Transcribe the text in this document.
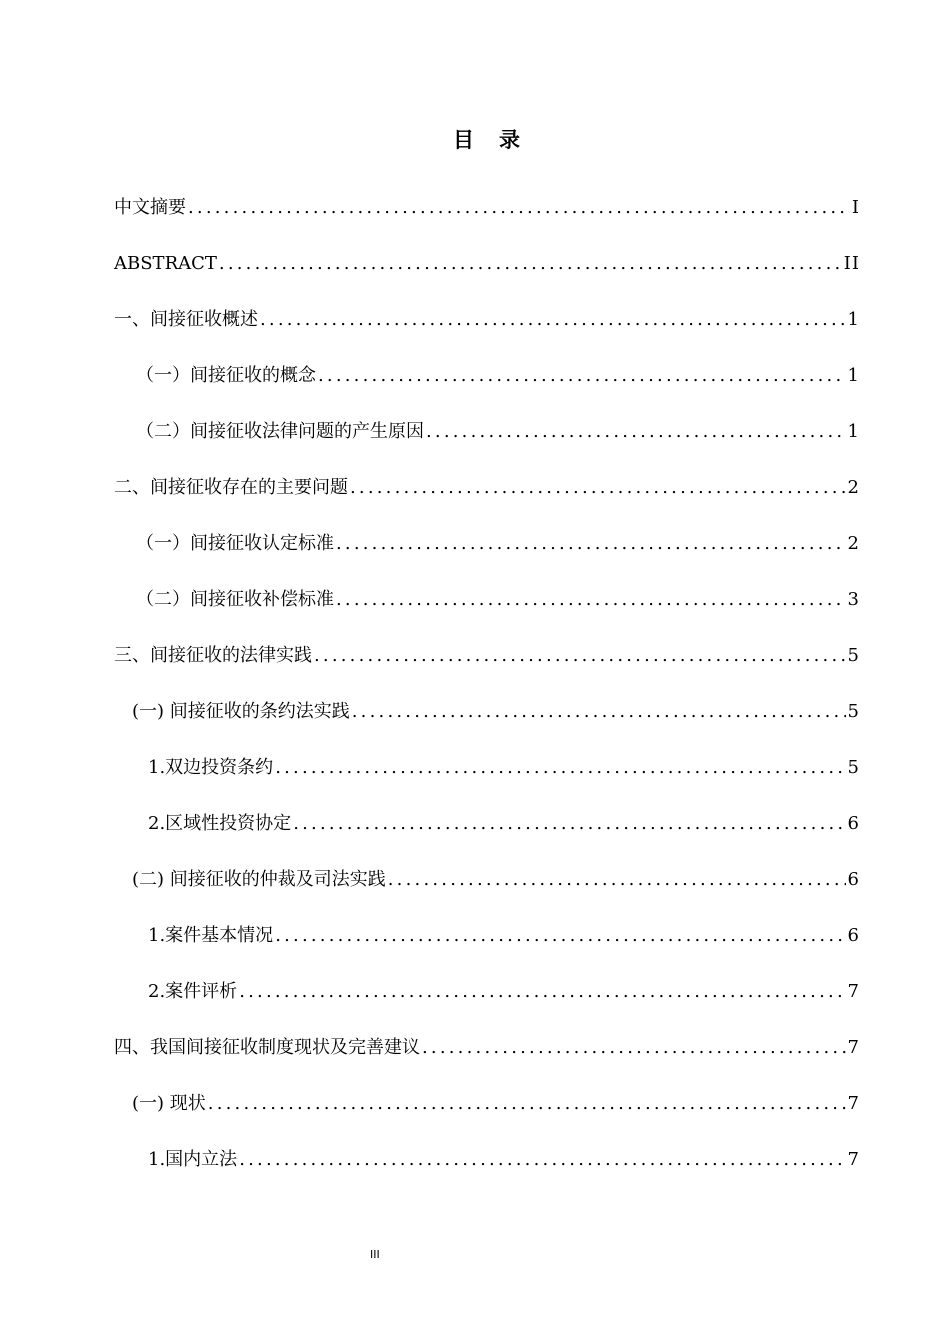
目　录
中文摘要 .....	I
ABSTRACT .....	II
一、间接征收概述 .....	1
（一）间接征收的概念 .....	1
（二）间接征收法律问题的产生原因 .....	1
二、间接征收存在的主要问题 .....	2
（一）间接征收认定标准 .....	2
（二）间接征收补偿标准 .....	3
三、间接征收的法律实践 .....	5
(一) 间接征收的条约法实践 .....	5
1.双边投资条约 .....	5
2.区域性投资协定 .....	6
(二) 间接征收的仲裁及司法实践 .....	6
1.案件基本情况 .....	6
2.案件评析 .....	7
四、我国间接征收制度现状及完善建议 .....	7
(一) 现状 .....	7
1.国内立法 .....	7
III
